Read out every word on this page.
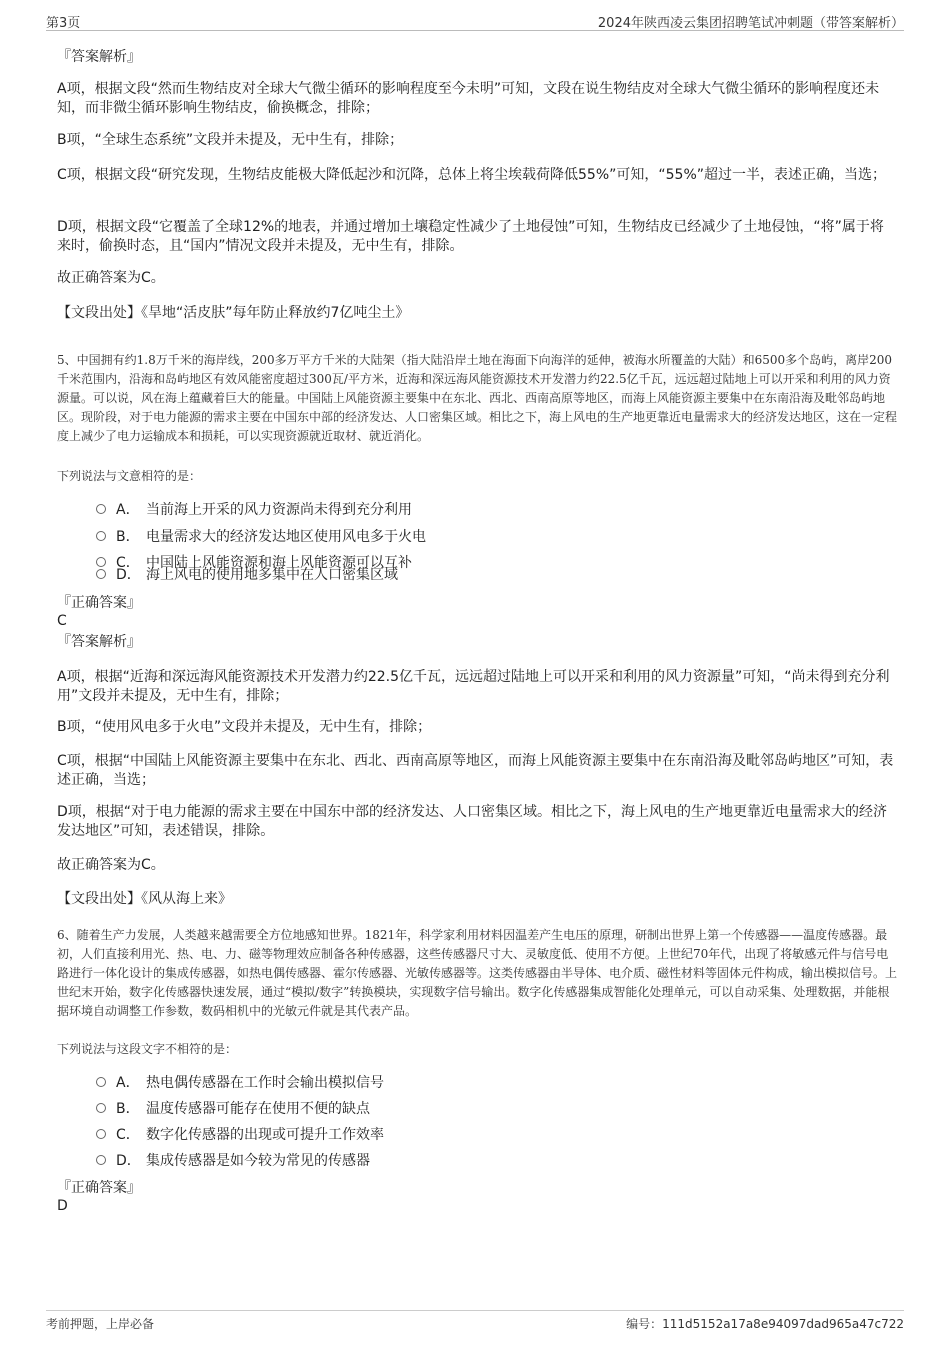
第3页	2024年陕西凌云集团招聘笔试冲刺题（带答案解析）
『答案解析』
A项，根据文段“然而生物结皮对全球大气微尘循环的影响程度至今未明”可知，文段在说生物结皮对全球大气微尘循环的影响程度还未知，而非微尘循环影响生物结皮，偷换概念，排除；
B项，“全球生态系统”文段并未提及，无中生有，排除；
C项，根据文段“研究发现，生物结皮能极大降低起沙和沉降，总体上将尘埃载荷降低55%”可知，“55%”超过一半，表述正确，当选；
D项，根据文段“它覆盖了全球12%的地表，并通过增加土壤稳定性减少了土地侵蚀”可知，生物结皮已经减少了土地侵蚀，“将”属于将来时，偷换时态，且“国内”情况文段并未提及，无中生有，排除。
故正确答案为C。
【文段出处】《旱地“活皮肤”每年防止释放约7亿吨尘土》
5、中国拥有约1.8万千米的海岸线，200多万平方千米的大陆架（指大陆沿岸土地在海面下向海洋的延伸，被海水所覆盖的大陆）和6500多个岛屿，离岸200千米范围内，沿海和岛屿地区有效风能密度超过300瓦/平方米，近海和深远海风能资源技术开发潜力约22.5亿千瓦，远远超过陆地上可以开采和利用的风力资源量。可以说，风在海上蕴藏着巨大的能量。中国陆上风能资源主要集中在东北、西北、西南高原等地区，而海上风能资源主要集中在东南沿海及毗邻岛屿地区。现阶段，对于电力能源的需求主要在中国东中部的经济发达、人口密集区域。相比之下，海上风电的生产地更靠近电量需求大的经济发达地区，这在一定程度上减少了电力运输成本和损耗，可以实现资源就近取材、就近消化。
下列说法与文意相符的是：
A． 当前海上开采的风力资源尚未得到充分利用
B． 电量需求大的经济发达地区使用风电多于火电
C． 中国陆上风能资源和海上风能资源可以互补
D． 海上风电的使用地多集中在人口密集区域
『正确答案』
C
『答案解析』
A项，根据“近海和深远海风能资源技术开发潜力约22.5亿千瓦，远远超过陆地上可以开采和利用的风力资源量”可知，“尚未得到充分利用”文段并未提及，无中生有，排除；
B项，“使用风电多于火电”文段并未提及，无中生有，排除；
C项，根据“中国陆上风能资源主要集中在东北、西北、西南高原等地区，而海上风能资源主要集中在东南沿海及毗邻岛屿地区”可知，表述正确，当选；
D项，根据“对于电力能源的需求主要在中国东中部的经济发达、人口密集区域。相比之下，海上风电的生产地更靠近电量需求大的经济发达地区”可知，表述错误，排除。
故正确答案为C。
【文段出处】《风从海上来》
6、随着生产力发展，人类越来越需要全方位地感知世界。1821年，科学家利用材料因温差产生电压的原理，研制出世界上第一个传感器——温度传感器。最初，人们直接利用光、热、电、力、磁等物理效应制备各种传感器，这些传感器尺寸大、灵敏度低、使用不方便。上世纪70年代，出现了将敏感元件与信号电路进行一体化设计的集成传感器，如热电偶传感器、霍尔传感器、光敏传感器等。这类传感器由半导体、电介质、磁性材料等固体元件构成，输出模拟信号。上世纪末开始，数字化传感器快速发展，通过“模拟/数字”转换模块，实现数字信号输出。数字化传感器集成智能化处理单元，可以自动采集、处理数据，并能根据环境自动调整工作参数，数码相机中的光敏元件就是其代表产品。
下列说法与这段文字不相符的是：
A． 热电偶传感器在工作时会输出模拟信号
B． 温度传感器可能存在使用不便的缺点
C． 数字化传感器的出现或可提升工作效率
D． 集成传感器是如今较为常见的传感器
『正确答案』
D
考前押题，上岸必备	编号：111d5152a17a8e94097dad965a47c722
